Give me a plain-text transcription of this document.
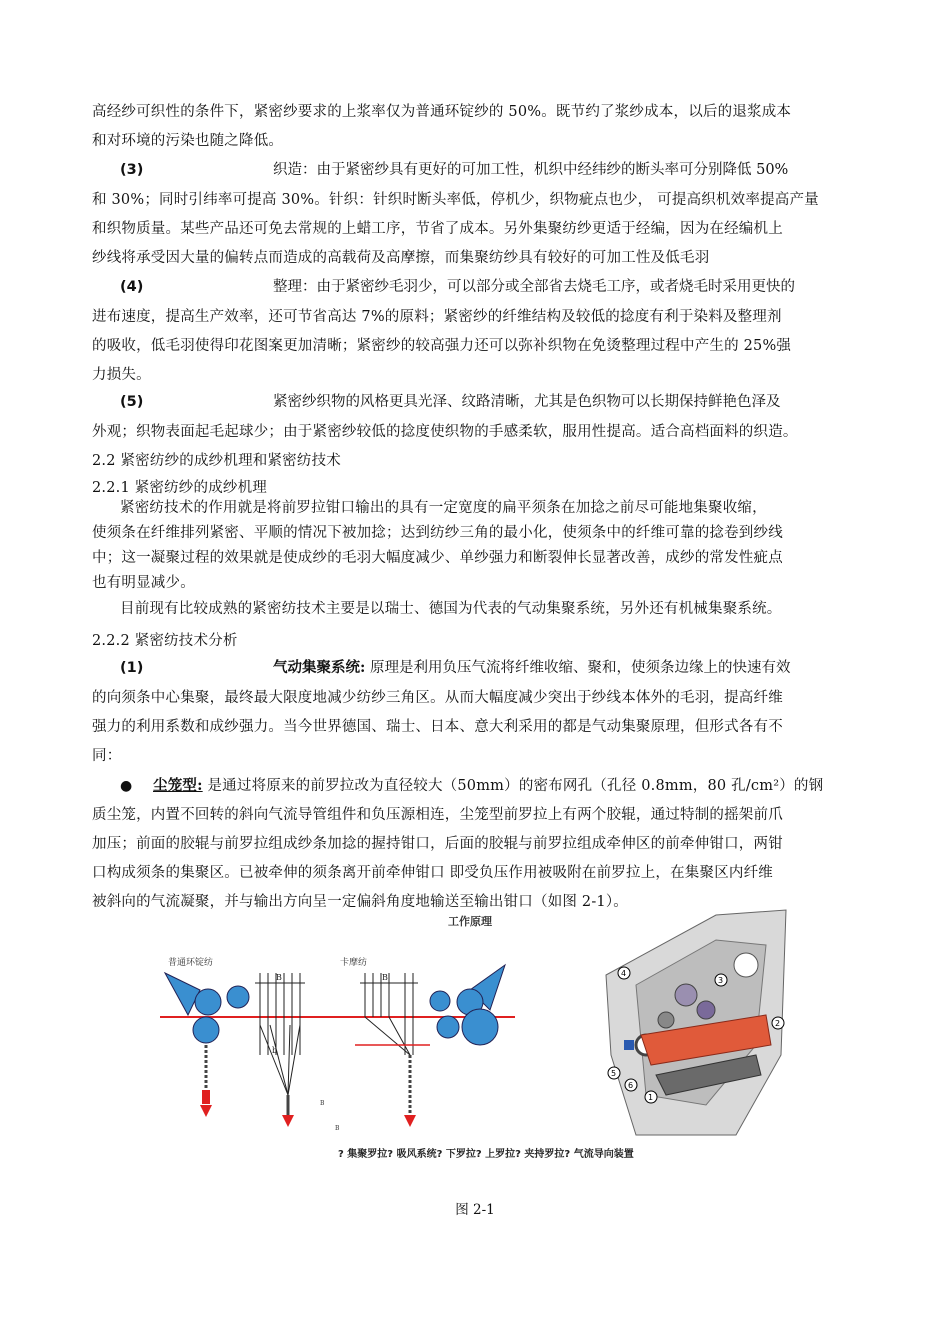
高经纱可织性的条件下，紧密纱要求的上浆率仅为普通环锭纱的 50%。既节约了浆纱成本，以后的退浆成本
和对环境的污染也随之降低。
(3)	织造：由于紧密纱具有更好的可加工性，机织中经纬纱的断头率可分别降低 50%
和 30%；同时引纬率可提高 30%。针织：针织时断头率低，停机少，织物疵点也少， 可提高织机效率提高产量
和织物质量。某些产品还可免去常规的上蜡工序，节省了成本。另外集聚纺纱更适于经编，因为在经编机上
纱线将承受因大量的偏转点而造成的高载荷及高摩擦，而集聚纺纱具有较好的可加工性及低毛羽
(4)	整理：由于紧密纱毛羽少，可以部分或全部省去烧毛工序，或者烧毛时采用更快的
进布速度，提高生产效率，还可节省高达 7%的原料；紧密纱的纤维结构及较低的捻度有利于染料及整理剂
的吸收，低毛羽使得印花图案更加清晰；紧密纱的较高强力还可以弥补织物在免烫整理过程中产生的 25%强
力损失。
(5)	紧密纱织物的风格更具光泽、纹路清晰，尤其是色织物可以长期保持鲜艳色泽及
外观；织物表面起毛起球少；由于紧密纱较低的捻度使织物的手感柔软，服用性提高。适合高档面料的织造。
2.2 紧密纺纱的成纱机理和紧密纺技术
2.2.1 紧密纺纱的成纱机理
紧密纺技术的作用就是将前罗拉钳口输出的具有一定宽度的扁平须条在加捻之前尽可能地集聚收缩，
使须条在纤维排列紧密、平顺的情况下被加捻；达到纺纱三角的最小化，使须条中的纤维可靠的捻卷到纱线
中；这一凝聚过程的效果就是使成纱的毛羽大幅度减少、单纱强力和断裂伸长显著改善，成纱的常发性疵点
也有明显减少。
目前现有比较成熟的紧密纺技术主要是以瑞士、德国为代表的气动集聚系统，另外还有机械集聚系统。
2.2.2 紧密纺技术分析
(1)	气动集聚系统: 原理是利用负压气流将纤维收缩、聚和，使须条边缘上的快速有效
的向须条中心集聚，最终最大限度地减少纺纱三角区。从而大幅度减少突出于纱线本体外的毛羽，提高纤维
强力的利用系数和成纱强力。当今世界德国、瑞士、日本、意大利采用的都是气动集聚原理，但形式各有不
同：
● 尘笼型: 是通过将原来的前罗拉改为直径较大（50mm）的密布网孔（孔径 0.8mm，80 孔/cm²）的钢
质尘笼，内置不回转的斜向气流导管组件和负压源相连，尘笼型前罗拉上有两个胶辊，通过特制的摇架前爪
加压；前面的胶辊与前罗拉组成纱条加捻的握持钳口，后面的胶辊与前罗拉组成牵伸区的前牵伸钳口，两钳
口构成须条的集聚区。已被牵伸的须条离开前牵伸钳口 即受负压作用被吸附在前罗拉上，在集聚区内纤维
被斜向的气流凝聚，并与输出方向呈一定偏斜角度地输送至输出钳口（如图 2-1）。
工作原理
B
b
B
B
B
普通环锭纺	卡摩纺
? 集聚罗拉? 吸风系统? 下罗拉? 上罗拉? 夹持罗拉? 气流导向装置
4
3
2
5
6
1
图 2-1
